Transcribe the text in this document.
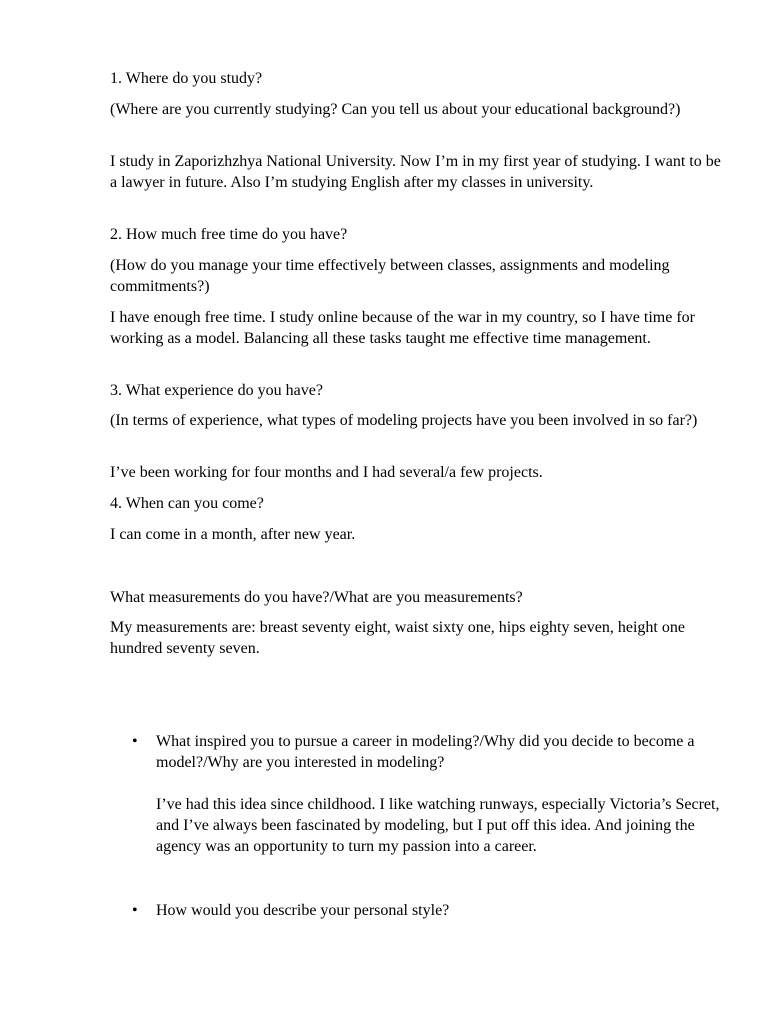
1. Where do you study?

(Where are you currently studying? Can you tell us about your educational background?)

I study in Zaporizhzhya National University. Now I’m in my first year of studying. I want to be a lawyer in future. Also I’m studying English after my classes in university.

2. How much free time do you have?

(How do you manage your time effectively between classes, assignments and modeling commitments?)

I have enough free time. I study online because of the war in my country, so I have time for working as a model. Balancing all these tasks taught me effective time management.

3. What experience do you have?

(In terms of experience, what types of modeling projects have you been involved in so far?)

I’ve been working for four months and I had several/a few projects.

4. When can you come?

I can come in a month, after new year.

What measurements do you have?/What are you measurements?

My measurements are: breast seventy eight, waist sixty one, hips eighty seven, height one hundred seventy seven.

• What inspired you to pursue a career in modeling?/Why did you decide to become a model?/Why are you interested in modeling?

I’ve had this idea since childhood. I like watching runways, especially Victoria’s Secret, and I’ve always been fascinated by modeling, but I put off this idea. And joining the agency was an opportunity to turn my passion into a career.

• How would you describe your personal style?
